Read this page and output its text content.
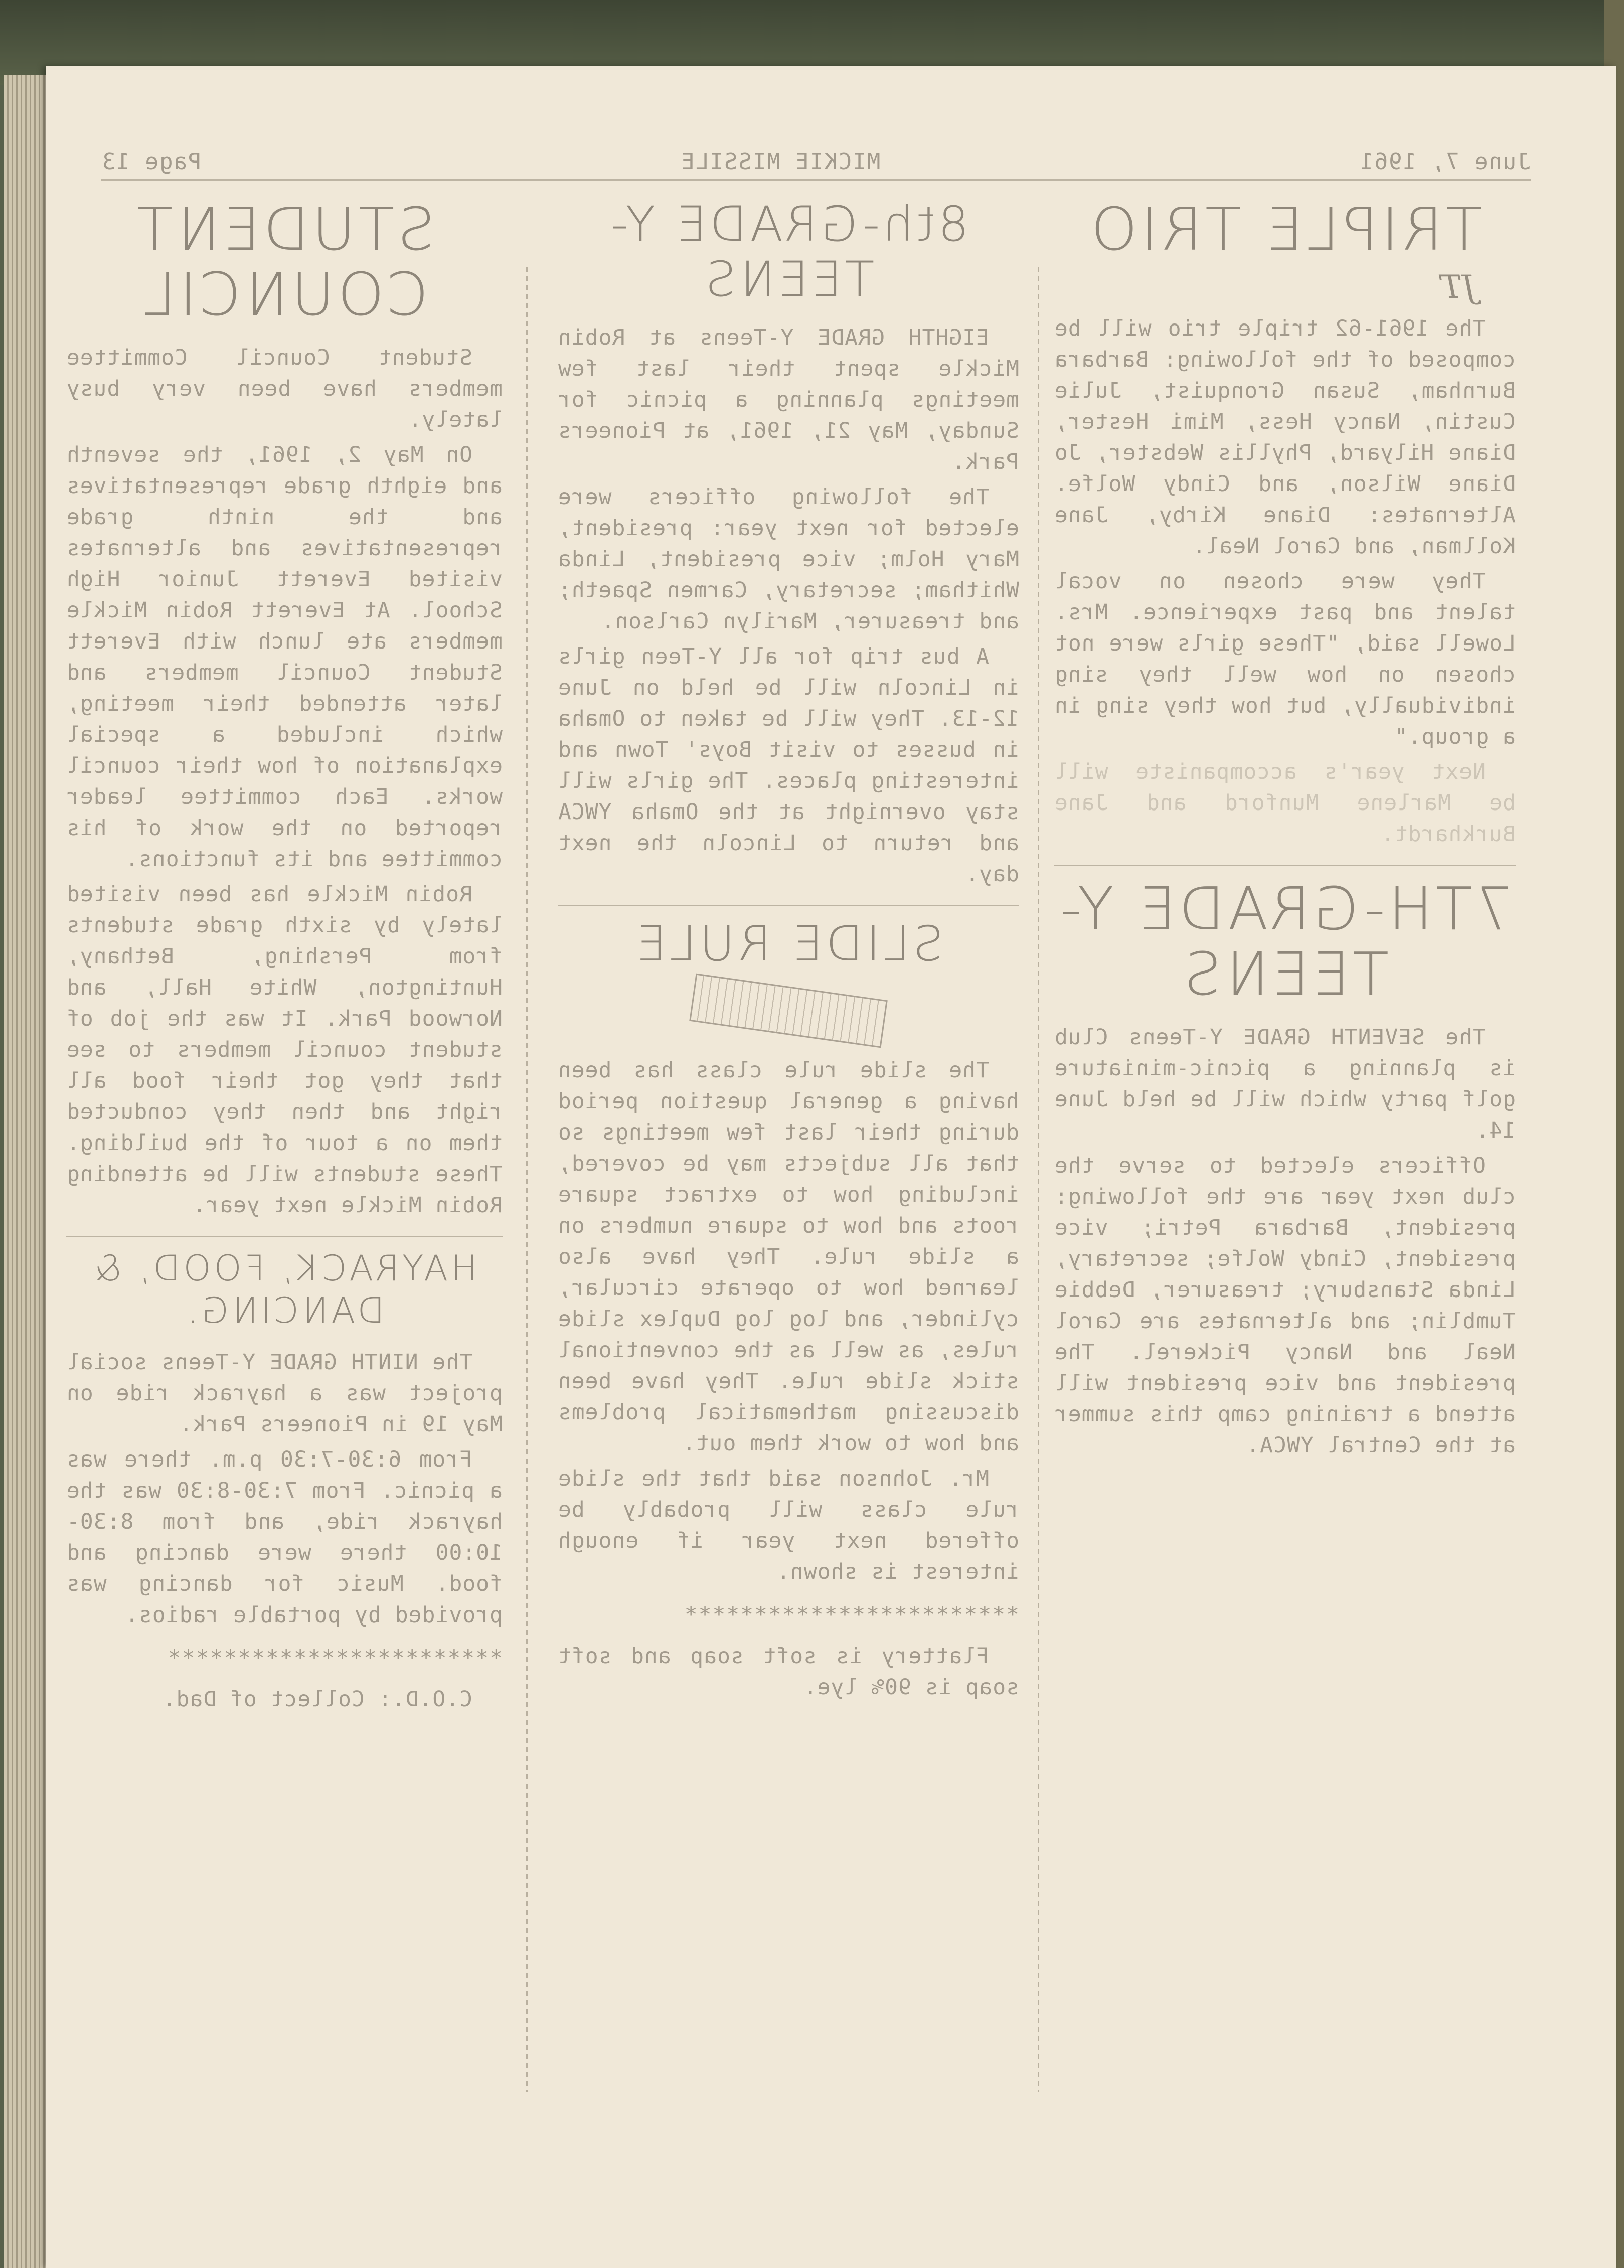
June 7, 1961
MICKIE MISSILE
Page 13
TRIPLE TRIO
JT

The 1961-62 triple trio will be composed of the following: Barbara Burnham, Susan Gronquist, Julie Custin, Nancy Hess, Mimi Hester, Diane Hilyard, Phyllis Webster, Jo Diane Wilson, and Cindy Wolfe. Alternates: Diane Kirby, Jane Kollman, and Carol Neal.

They were chosen on vocal talent and past experience. Mrs. Lowell said, "These girls were not chosen on how well they sing individually, but how they sing in a group."

Next year's accompaniste will be Marlene Munford and Jane Burkhardt.

7TH-GRADE Y-TEENS

The SEVENTH GRADE Y-Teens Club is planning a picnic-miniature golf party which will be held June 14.

Officers elected to serve the club next year are the following: president, Barbara Petri; vice president, Cindy Wolfe; secretary, Linda Stansbury; treasurer, Debbie Tumblin; and alternates are Carol Neal and Nancy Pickerel. The president and vice president will attend a training camp this summer at the Central YWCA.

8th-GRADE Y-TEENS

EIGHTH GRADE Y-Teens at Robin Mickle spent their last few meetings planning a picnic for Sunday, May 21, 1961, at Pioneers Park.

The following officers were elected for next year: president, Mary Holm; vice president, Linda Whitham; secretary, Carmen Spaeth; and treasurer, Marilyn Carlson.

A bus trip for all Y-Teen girls in Lincoln will be held on June 12-13. They will be taken to Omaha in busses to visit Boys' Town and interesting places. The girls will stay overnight at the Omaha YWCA and return to Lincoln the next day.

SLIDE RULE

The slide rule class has been having a general question period during their last few meetings so that all subjects may be covered, including how to extract square roots and how to square numbers on a slide rule. They have also learned how to operate circular, cylinder, and log log Duplex slide rules, as well as the conventional stick slide rule. They have been discussing mathematical problems and how to work them out.

Mr. Johnson said that the slide rule class will probably be offered next year if enough interest is shown.

************************

Flattery is soft soap and soft soap is 90% lye.

STUDENT COUNCIL

Student Council Committee members have been very busy lately.

On May 2, 1961, the seventh and eighth grade representatives and the ninth grade representatives and alternates visited Everett Junior High School. At Everett Robin Mickle members ate lunch with Everett Student Council members and later attended their meeting, which included a special explanation of how their council works. Each committee leader reported on the work of his committee and its functions.

Robin Mickle has been visited lately by sixth grade students from Pershing, Bethany, Huntington, White Hall, and Norwood Park. It was the job of student council members to see that they got their food all right and then they conducted them on a tour of the building. These students will be attending Robin Mickle next year.

HAYRACK, FOOD, & DANCING.

The NINTH GRADE Y-Teens social project was a hayrack ride on May 19 in Pioneers Park.

From 6:30-7:30 p.m. there was a picnic. From 7:30-8:30 was the hayrack ride, and from 8:30-10:00 there were dancing and food. Music for dancing was provided by portable radios.

************************

C.O.D.: Collect of Dad.
